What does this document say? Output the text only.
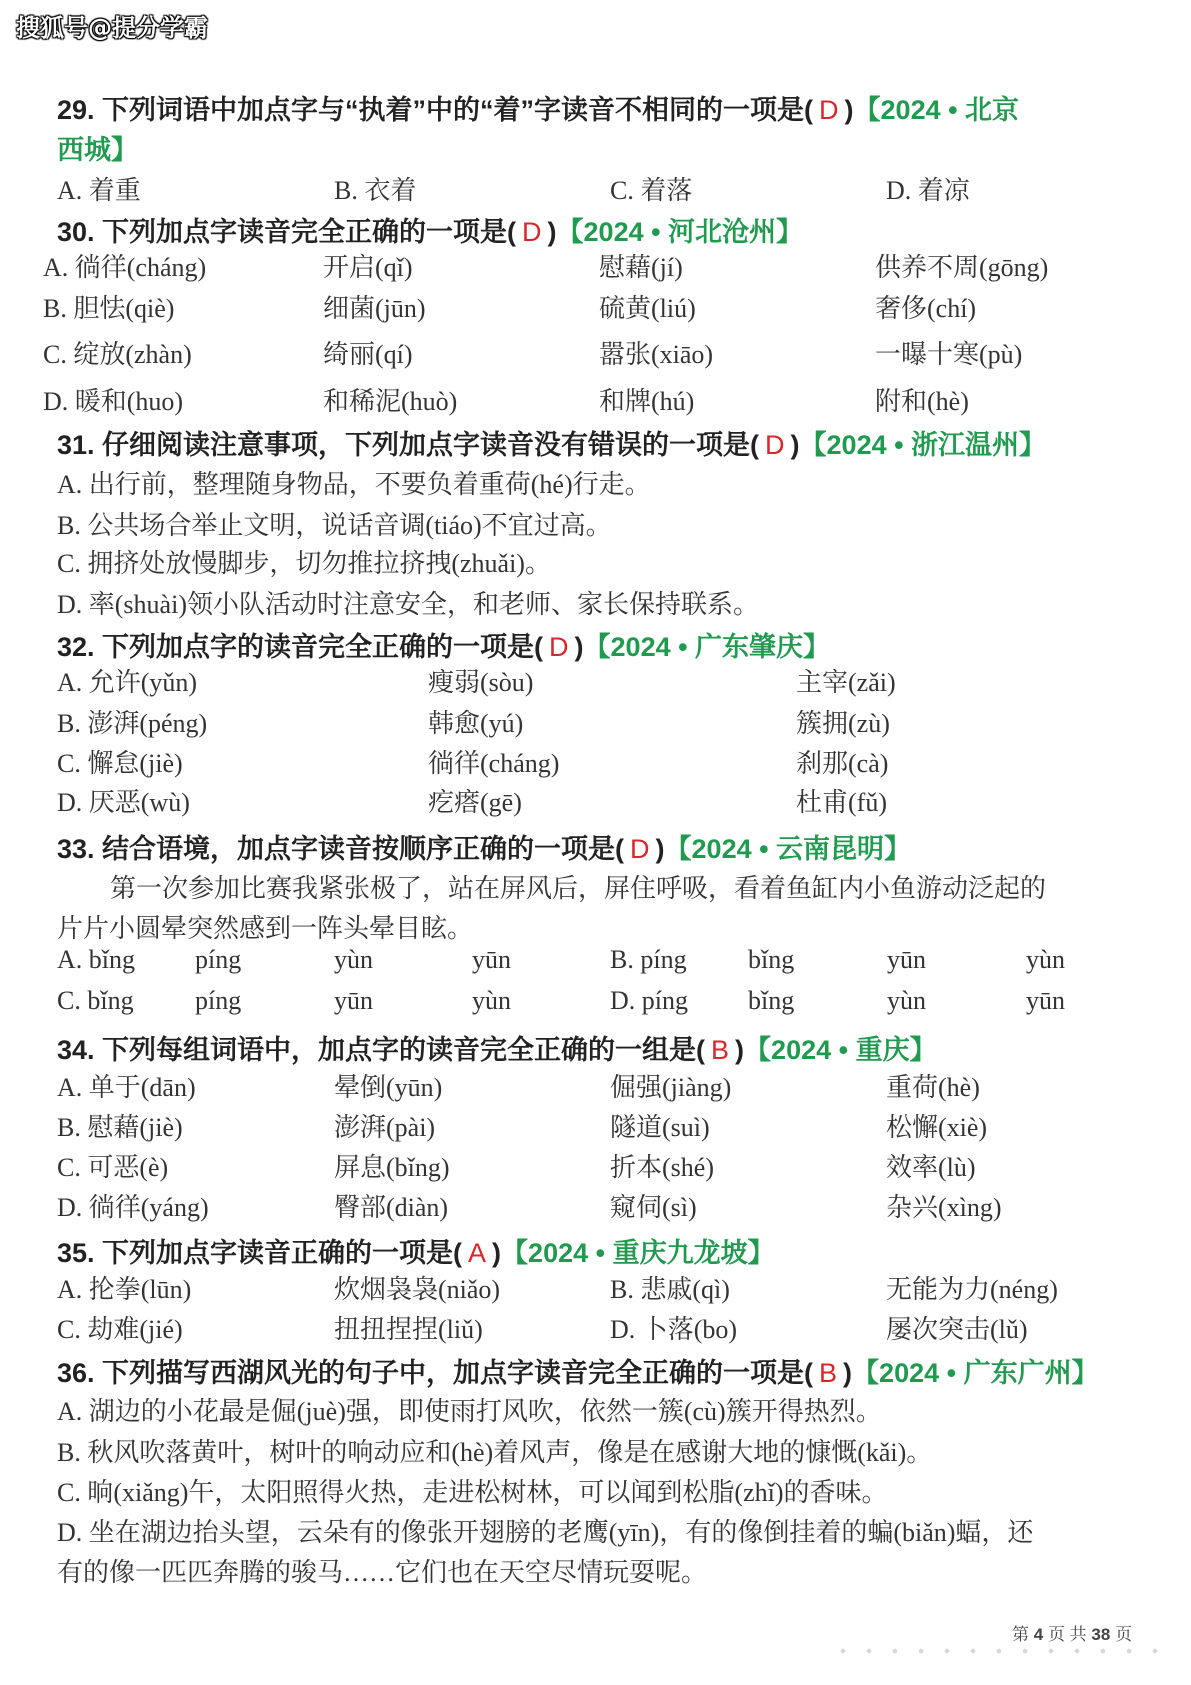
搜狐号@提分学霸
29. 下列词语中加点字与“执着”中的“着”字读音不相同的一项是( D )【2024 • 北京
西城】
A. 着重	B. 衣着	C. 着落	D. 着凉
30. 下列加点字读音完全正确的一项是( D )【2024 • 河北沧州】
A. 徜徉(cháng)	开启(qǐ)	慰藉(jí)	供养不周(gōng)
B. 胆怯(qiè)	细菌(jūn)	硫黄(liú)	奢侈(chí)
C. 绽放(zhàn)	绮丽(qí)	嚣张(xiāo)	一曝十寒(pù)
D. 暖和(huo)	和稀泥(huò)	和牌(hú)	附和(hè)
31. 仔细阅读注意事项，下列加点字读音没有错误的一项是( D )【2024 • 浙江温州】
A. 出行前，整理随身物品，不要负着重荷(hé)行走。
B. 公共场合举止文明，说话音调(tiáo)不宜过高。
C. 拥挤处放慢脚步，切勿推拉挤拽(zhuǎi)。
D. 率(shuài)领小队活动时注意安全，和老师、家长保持联系。
32. 下列加点字的读音完全正确的一项是( D )【2024 • 广东肇庆】
A. 允许(yǔn)	瘦弱(sòu)	主宰(zǎi)
B. 澎湃(péng)	韩愈(yú)	簇拥(zù)
C. 懈怠(jiè)	徜徉(cháng)	刹那(cà)
D. 厌恶(wù)	疙瘩(gē)	杜甫(fǔ)
33. 结合语境，加点字读音按顺序正确的一项是( D )【2024 • 云南昆明】
第一次参加比赛我紧张极了，站在屏风后，屏住呼吸，看着鱼缸内小鱼游动泛起的
片片小圆晕突然感到一阵头晕目眩。
A. bǐng píng	yùn	yūn	B. píng bǐng	yūn	yùn
C. bǐng píng	yūn	yùn	D. píng bǐng	yùn	yūn
34. 下列每组词语中，加点字的读音完全正确的一组是( B )【2024 • 重庆】
A. 单于(dān)	晕倒(yūn)	倔强(jiàng)	重荷(hè)
B. 慰藉(jiè)	澎湃(pài)	隧道(suì)	松懈(xiè)
C. 可恶(è)	屏息(bǐng)	折本(shé)	效率(lù)
D. 徜徉(yáng)	臀部(diàn)	窥伺(sì)	杂兴(xìng)
35. 下列加点字读音正确的一项是( A )【2024 • 重庆九龙坡】
A. 抡拳(lūn)	炊烟袅袅(niǎo)	B. 悲戚(qì)	无能为力(néng)
C. 劫难(jié)	扭扭捏捏(liǔ)	D. 卜落(bo)	屡次突击(lǔ)
36. 下列描写西湖风光的句子中，加点字读音完全正确的一项是( B )【2024 • 广东广州】
A. 湖边的小花最是倔(juè)强，即使雨打风吹，依然一簇(cù)簇开得热烈。
B. 秋风吹落黄叶，树叶的响动应和(hè)着风声，像是在感谢大地的慷慨(kǎi)。
C. 晌(xiǎng)午，太阳照得火热，走进松树林，可以闻到松脂(zhǐ)的香味。
D. 坐在湖边抬头望，云朵有的像张开翅膀的老鹰(yīn)，有的像倒挂着的蝙(biǎn)蝠，还
有的像一匹匹奔腾的骏马……它们也在天空尽情玩耍呢。
第 4 页 共 38 页
